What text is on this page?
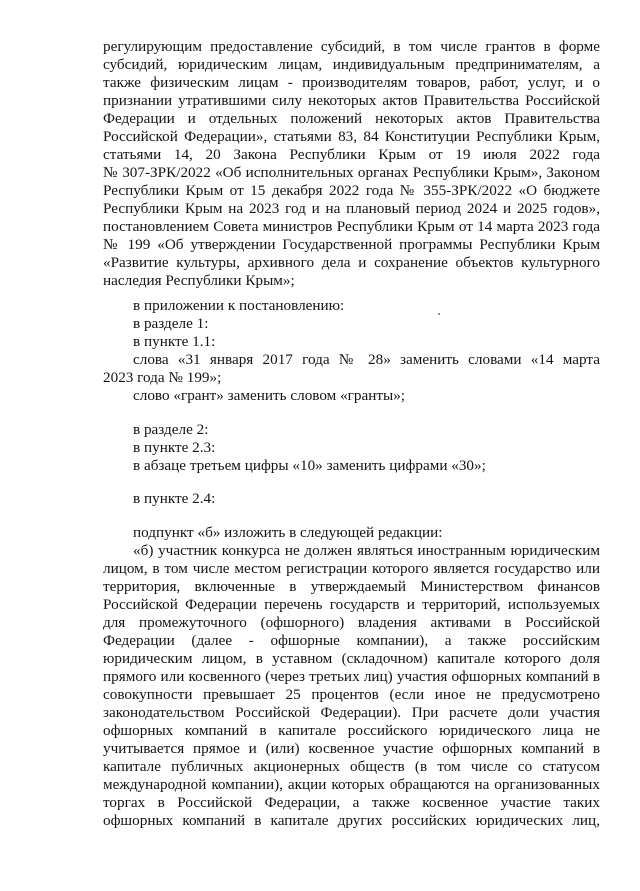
регулирующим предоставление субсидий, в том числе грантов в форме
субсидий, юридическим лицам, индивидуальным предпринимателям, а
также физическим лицам - производителям товаров, работ, услуг, и о
признании утратившими силу некоторых актов Правительства Российской
Федерации и отдельных положений некоторых актов Правительства
Российской Федерации», статьями 83, 84 Конституции Республики Крым,
статьями 14, 20 Закона Республики Крым от 19 июля 2022 года
№ 307-ЗРК/2022 «Об исполнительных органах Республики Крым», Законом
Республики Крым от 15 декабря 2022 года № 355-ЗРК/2022 «О бюджете
Республики Крым на 2023 год и на плановый период 2024 и 2025 годов»,
постановлением Совета министров Республики Крым от 14 марта 2023 года
№ 199 «Об утверждении Государственной программы Республики Крым
«Развитие культуры, архивного дела и сохранение объектов культурного
наследия Республики Крым»;
в приложении к постановлению:
в разделе 1:
в пункте 1.1:
слова «31 января 2017 года № 28» заменить словами «14 марта
2023 года № 199»;
слово «грант» заменить словом «гранты»;
в разделе 2:
в пункте 2.3:
в абзаце третьем цифры «10» заменить цифрами «30»;
в пункте 2.4:
подпункт «б» изложить в следующей редакции:
«б) участник конкурса не должен являться иностранным юридическим
лицом, в том числе местом регистрации которого является государство или
территория, включенные в утверждаемый Министерством финансов
Российской Федерации перечень государств и территорий, используемых
для промежуточного (офшорного) владения активами в Российской
Федерации (далее - офшорные компании), а также российским
юридическим лицом, в уставном (складочном) капитале которого доля
прямого или косвенного (через третьих лиц) участия офшорных компаний в
совокупности превышает 25 процентов (если иное не предусмотрено
законодательством Российской Федерации). При расчете доли участия
офшорных компаний в капитале российского юридического лица не
учитывается прямое и (или) косвенное участие офшорных компаний в
капитале публичных акционерных обществ (в том числе со статусом
международной компании), акции которых обращаются на организованных
торгах в Российской Федерации, а также косвенное участие таких
офшорных компаний в капитале других российских юридических лиц,
